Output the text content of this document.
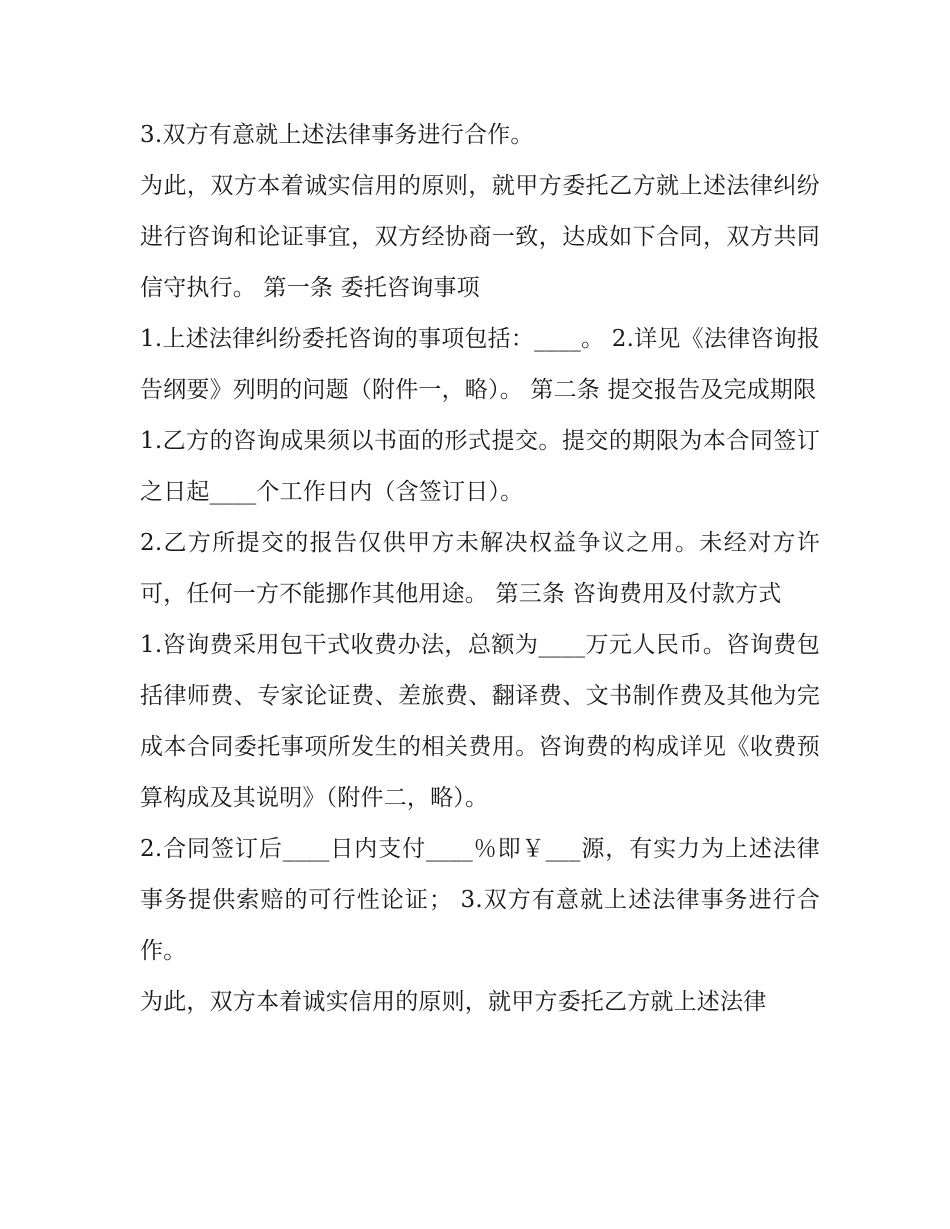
3.双方有意就上述法律事务进行合作。

为此，双方本着诚实信用的原则，就甲方委托乙方就上述法律纠纷进行咨询和论证事宜，双方经协商一致，达成如下合同，双方共同信守执行。 第一条 委托咨询事项

1.上述法律纠纷委托咨询的事项包括：____。 2.详见《法律咨询报告纲要》列明的问题（附件一，略）。 第二条 提交报告及完成期限

1.乙方的咨询成果须以书面的形式提交。提交的期限为本合同签订之日起____个工作日内（含签订日）。

2.乙方所提交的报告仅供甲方未解决权益争议之用。未经对方许可，任何一方不能挪作其他用途。 第三条 咨询费用及付款方式

1.咨询费采用包干式收费办法，总额为____万元人民币。咨询费包括律师费、专家论证费、差旅费、翻译费、文书制作费及其他为完成本合同委托事项所发生的相关费用。咨询费的构成详见《收费预算构成及其说明》（附件二，略）。

2.合同签订后____日内支付____％即￥___源，有实力为上述法律事务提供索赔的可行性论证； 3.双方有意就上述法律事务进行合作。

为此，双方本着诚实信用的原则，就甲方委托乙方就上述法律
